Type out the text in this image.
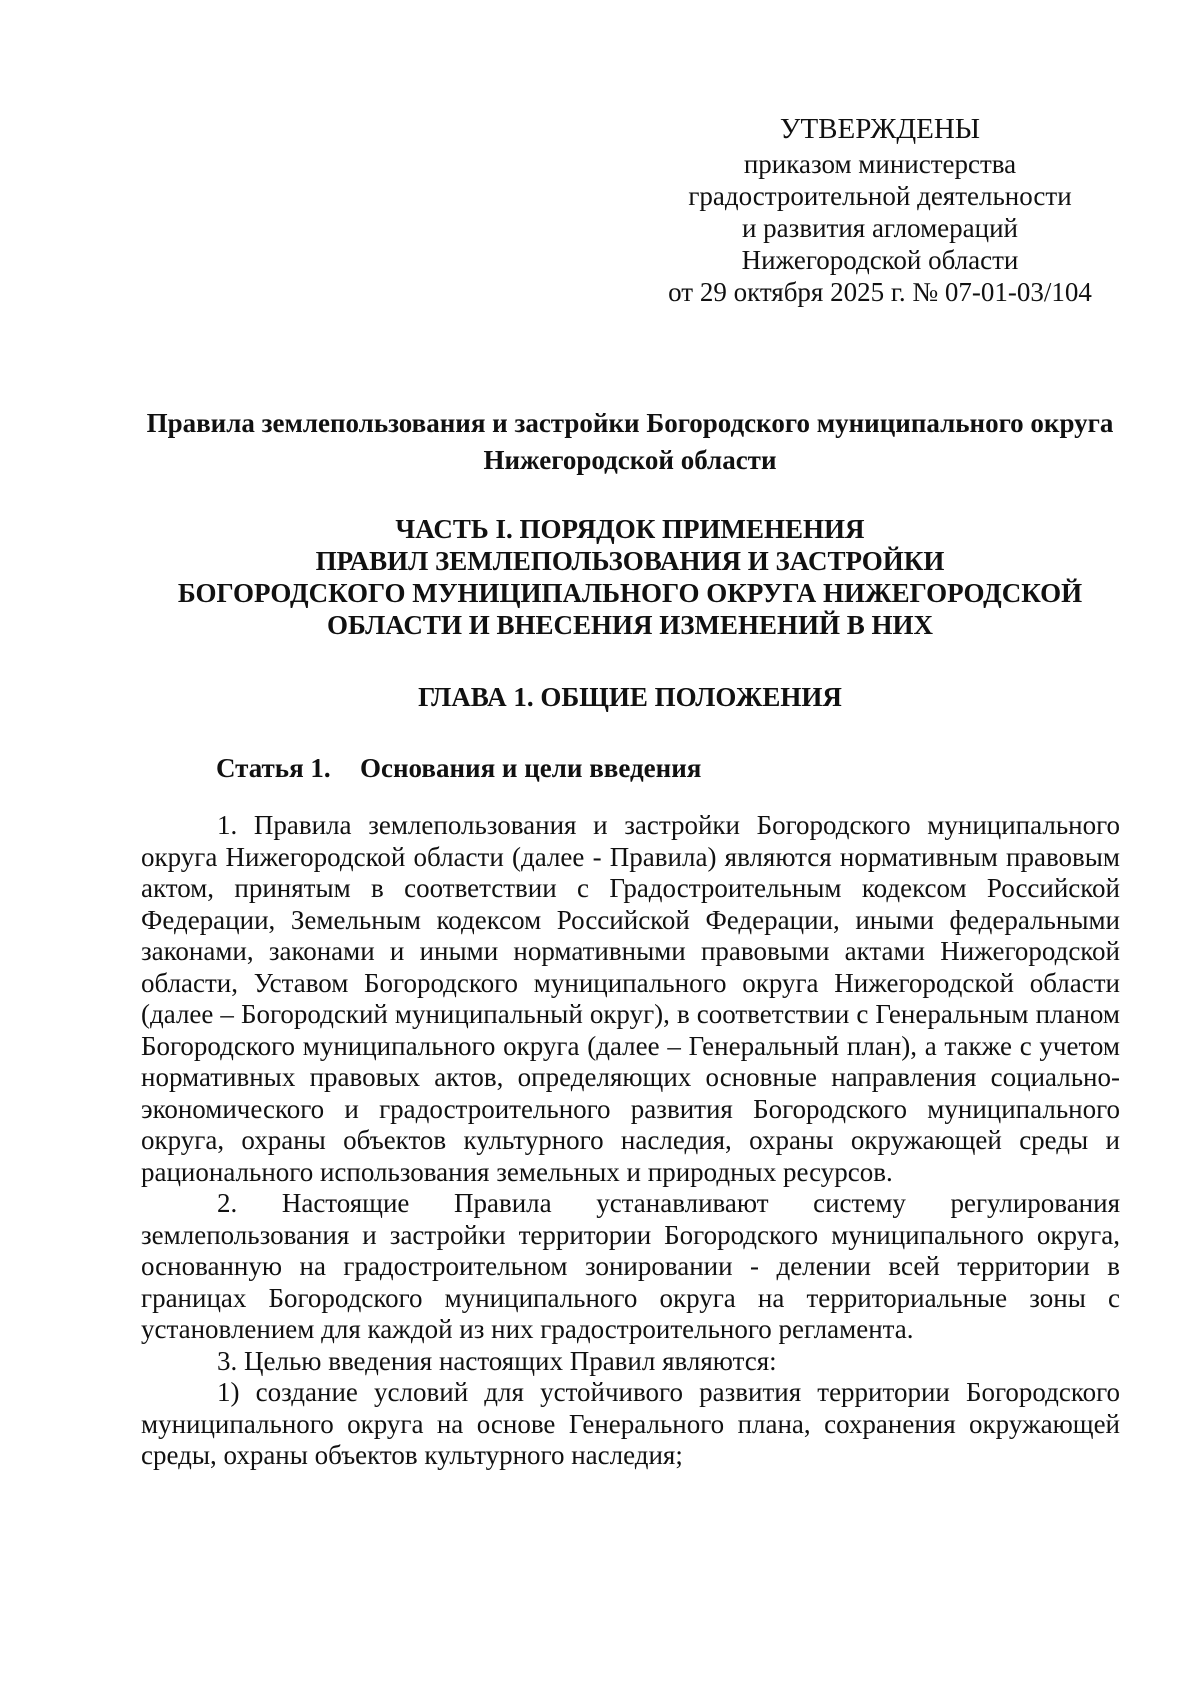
УТВЕРЖДЕНЫ
приказом министерства
градостроительной деятельности
и развития агломераций
Нижегородской области
от 29 октября 2025 г. № 07-01-03/104
Правила землепользования и застройки Богородского муниципального округа Нижегородской области
ЧАСТЬ I. ПОРЯДОК ПРИМЕНЕНИЯ
ПРАВИЛ ЗЕМЛЕПОЛЬЗОВАНИЯ И ЗАСТРОЙКИ
БОГОРОДСКОГО МУНИЦИПАЛЬНОГО ОКРУГА НИЖЕГОРОДСКОЙ
ОБЛАСТИ И ВНЕСЕНИЯ ИЗМЕНЕНИЙ В НИХ
ГЛАВА 1. ОБЩИЕ ПОЛОЖЕНИЯ
Статья 1. Основания и цели введения

1. Правила землепользования и застройки Богородского муниципального округа Нижегородской области (далее - Правила) являются нормативным правовым актом, принятым в соответствии с Градостроительным кодексом Российской Федерации, Земельным кодексом Российской Федерации, иными федеральными законами, законами и иными нормативными правовыми актами Нижегородской области, Уставом Богородского муниципального округа Нижегородской области (далее – Богородский муниципальный округ), в соответствии с Генеральным планом Богородского муниципального округа (далее – Генеральный план), а также с учетом нормативных правовых актов, определяющих основные направления социально-экономического и градостроительного развития Богородского муниципального округа, охраны объектов культурного наследия, охраны окружающей среды и рационального использования земельных и природных ресурсов.

2. Настоящие Правила устанавливают систему регулирования землепользования и застройки территории Богородского муниципального округа, основанную на градостроительном зонировании - делении всей территории в границах Богородского муниципального округа на территориальные зоны с установлением для каждой из них градостроительного регламента.

3. Целью введения настоящих Правил являются:

1) создание условий для устойчивого развития территории Богородского муниципального округа на основе Генерального плана, сохранения окружающей среды, охраны объектов культурного наследия;
